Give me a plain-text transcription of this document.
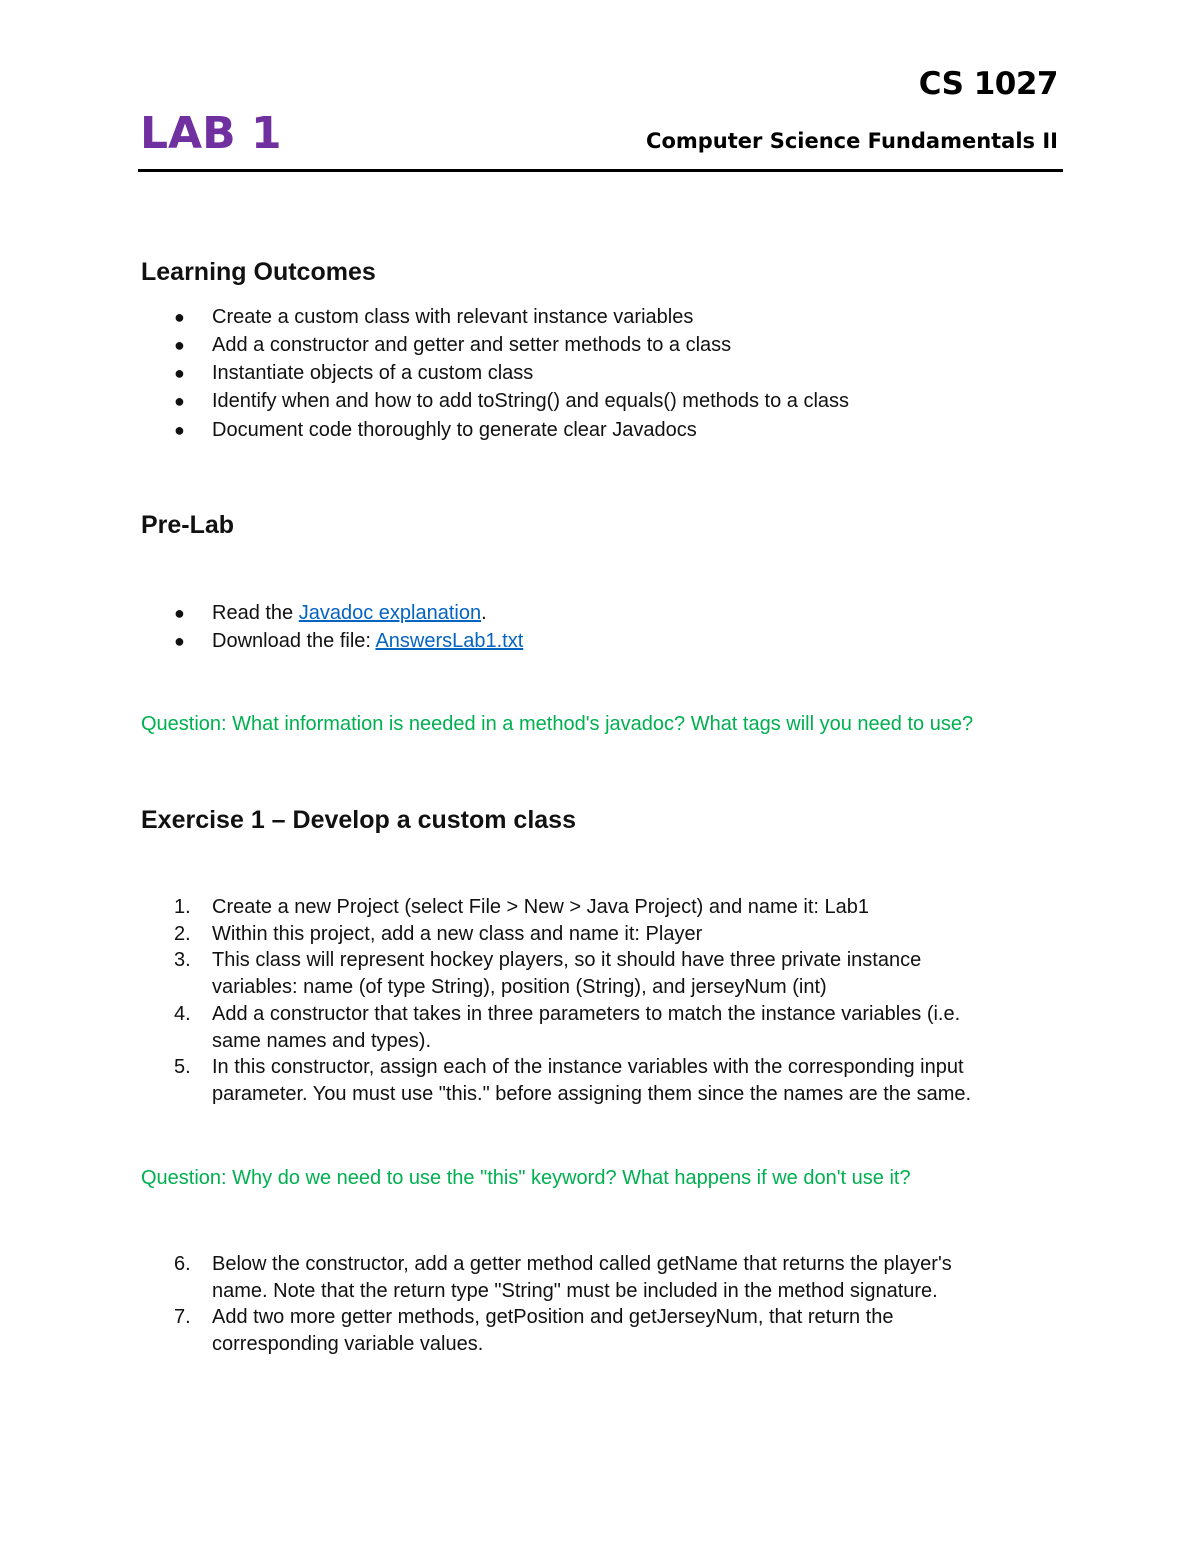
CS 1027
LAB 1	Computer Science Fundamentals II
Learning Outcomes
● Create a custom class with relevant instance variables
● Add a constructor and getter and setter methods to a class
● Instantiate objects of a custom class
● Identify when and how to add toString() and equals() methods to a class
● Document code thoroughly to generate clear Javadocs
Pre-Lab
● Read the Javadoc explanation.
● Download the file: AnswersLab1.txt
Question: What information is needed in a method's javadoc? What tags will you need to use?
Exercise 1 – Develop a custom class
1. Create a new Project (select File > New > Java Project) and name it: Lab1
2. Within this project, add a new class and name it: Player
3. This class will represent hockey players, so it should have three private instance
variables: name (of type String), position (String), and jerseyNum (int)
4. Add a constructor that takes in three parameters to match the instance variables (i.e.
same names and types).
5. In this constructor, assign each of the instance variables with the corresponding input
parameter. You must use "this." before assigning them since the names are the same.
Question: Why do we need to use the "this" keyword? What happens if we don't use it?
6. Below the constructor, add a getter method called getName that returns the player's
name. Note that the return type "String" must be included in the method signature.
7. Add two more getter methods, getPosition and getJerseyNum, that return the
corresponding variable values.
